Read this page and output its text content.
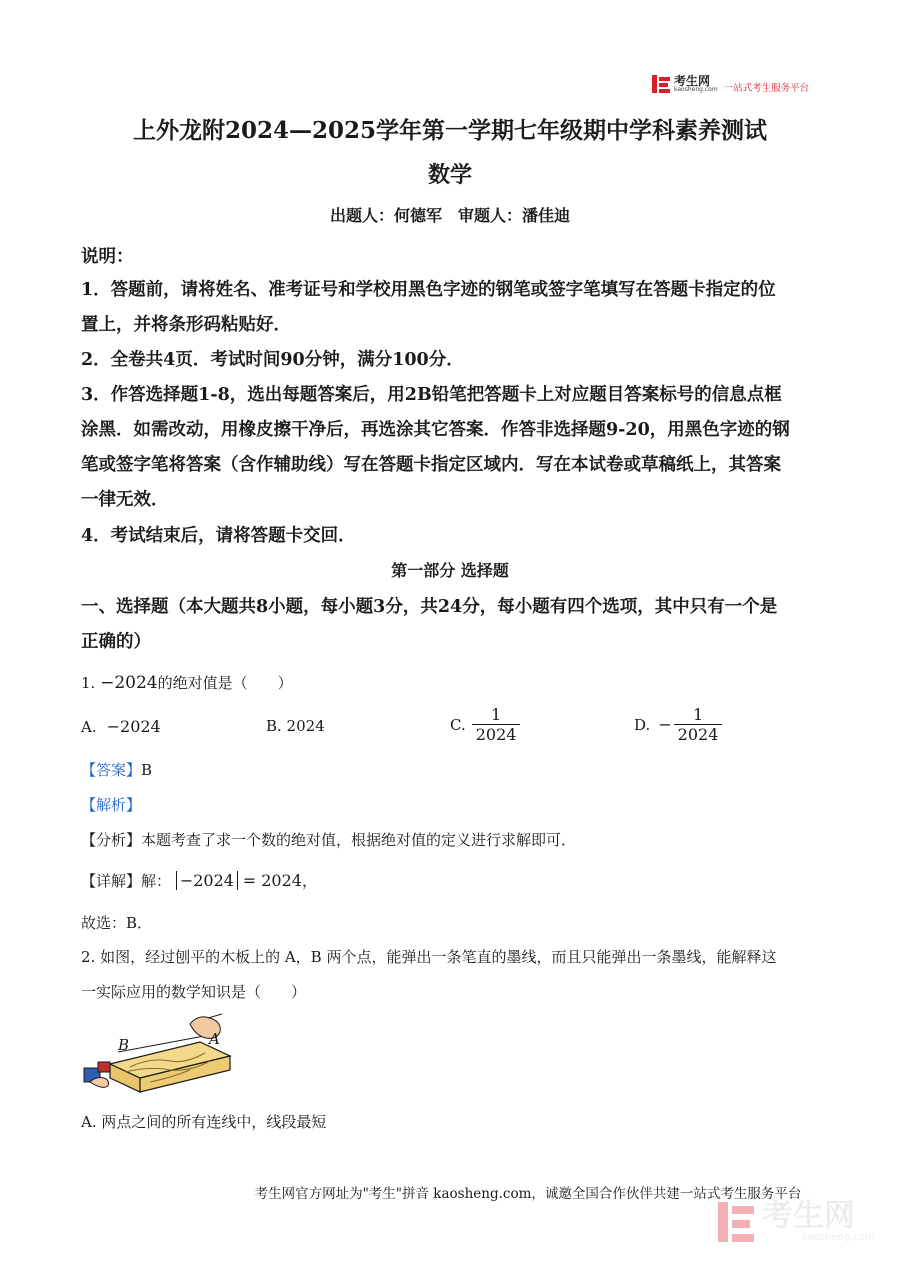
考生网
kaosheng.com 一站式考生服务平台
上外龙附2024—2025学年第一学期七年级期中学科素养测试
数学
出题人：何德军　审题人：潘佳迪
说明：
1．答题前，请将姓名、准考证号和学校用黑色字迹的钢笔或签字笔填写在答题卡指定的位
置上，并将条形码粘贴好．
2．全卷共4页．考试时间90分钟，满分100分．
3．作答选择题1-8，选出每题答案后，用2B铅笔把答题卡上对应题目答案标号的信息点框
涂黑．如需改动，用橡皮擦干净后，再选涂其它答案．作答非选择题9-20，用黑色字迹的钢
笔或签字笔将答案（含作辅助线）写在答题卡指定区域内．写在本试卷或草稿纸上，其答案
一律无效．
4．考试结束后，请将答题卡交回．
第一部分 选择题
一、选择题（本大题共8小题，每小题3分，共24分，每小题有四个选项，其中只有一个是
正确的）
1. −2024的绝对值是（　　）
A. −2024	B. 2024	C. $\frac{1}{2024}$	D. − $\frac{1}{2024}$
【答案】B
【解析】
【分析】本题考查了求一个数的绝对值，根据绝对值的定义进行求解即可．
【详解】解： −2024 = 2024，
故选：B．
2. 如图，经过刨平的木板上的 A，B 两个点，能弹出一条笔直的墨线，而且只能弹出一条墨线，能解释这
一实际应用的数学知识是（　　）
B	A
A. 两点之间的所有连线中，线段最短
考生网官方网址为"考生"拼音 kaosheng.com，诚邀全国合作伙伴共建一站式考生服务平台
考生网
kaosheng.com
